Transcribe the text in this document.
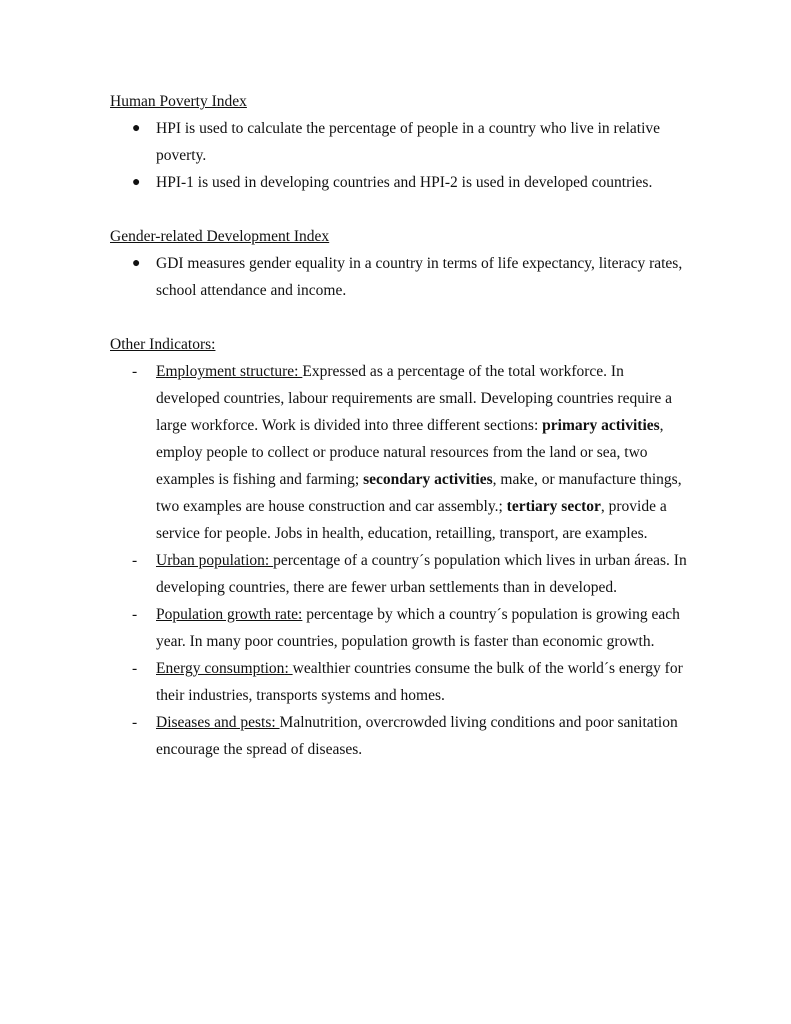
Human Poverty Index

● HPI is used to calculate the percentage of people in a country who live in relative poverty.
● HPI-1 is used in developing countries and HPI-2 is used in developed countries.

Gender-related Development Index

● GDI measures gender equality in a country in terms of life expectancy, literacy rates, school attendance and income.

Other Indicators:

- Employment structure: Expressed as a percentage of the total workforce. In developed countries, labour requirements are small. Developing countries require a large workforce. Work is divided into three different sections: primary activities, employ people to collect or produce natural resources from the land or sea, two examples is fishing and farming; secondary activities, make, or manufacture things, two examples are house construction and car assembly.; tertiary sector, provide a service for people. Jobs in health, education, retailling, transport, are examples.
- Urban population: percentage of a country´s population which lives in urban áreas. In developing countries, there are fewer urban settlements than in developed.
- Population growth rate: percentage by which a country´s population is growing each year. In many poor countries, population growth is faster than economic growth.
- Energy consumption: wealthier countries consume the bulk of the world´s energy for their industries, transports systems and homes.
- Diseases and pests: Malnutrition, overcrowded living conditions and poor sanitation encourage the spread of diseases.
